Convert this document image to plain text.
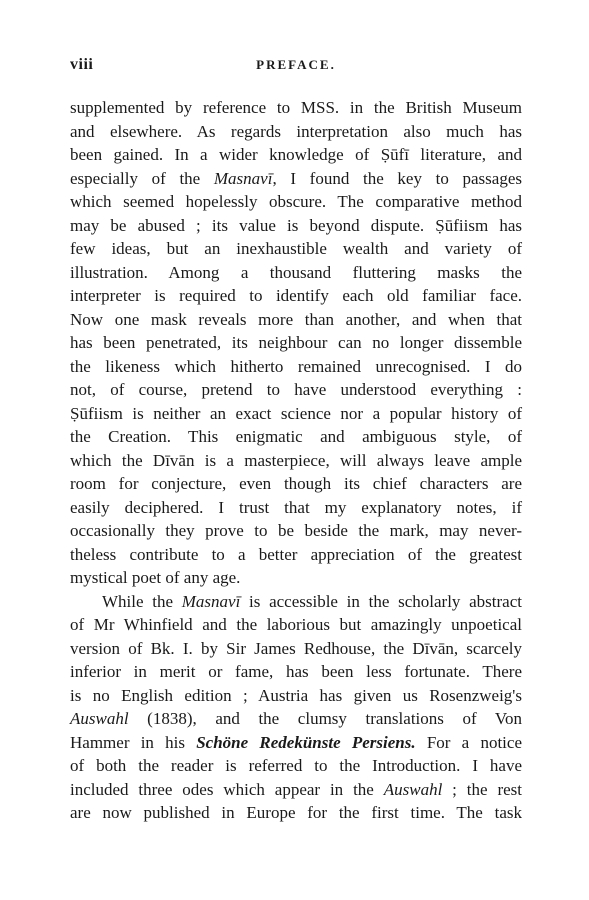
viii	PREFACE.
supplemented by reference to MSS. in the British Museum
and elsewhere. As regards interpretation also much has
been gained. In a wider knowledge of Ṣūfī literature, and
especially of the Masnavī, I found the key to passages
which seemed hopelessly obscure. The comparative method
may be abused ; its value is beyond dispute. Ṣūfiism has
few ideas, but an inexhaustible wealth and variety of
illustration. Among a thousand fluttering masks the
interpreter is required to identify each old familiar face.
Now one mask reveals more than another, and when that
has been penetrated, its neighbour can no longer dissemble
the likeness which hitherto remained unrecognised. I do
not, of course, pretend to have understood everything :
Ṣūfiism is neither an exact science nor a popular history of
the Creation. This enigmatic and ambiguous style, of
which the Dīvān is a masterpiece, will always leave ample
room for conjecture, even though its chief characters are
easily deciphered. I trust that my explanatory notes, if
occasionally they prove to be beside the mark, may never-
theless contribute to a better appreciation of the greatest
mystical poet of any age.
While the Masnavī is accessible in the scholarly abstract
of Mr Whinfield and the laborious but amazingly unpoetical
version of Bk. I. by Sir James Redhouse, the Dīvān, scarcely
inferior in merit or fame, has been less fortunate. There
is no English edition ; Austria has given us Rosenzweig's
Auswahl (1838), and the clumsy translations of Von
Hammer in his Schöne Redekünste Persiens. For a notice
of both the reader is referred to the Introduction. I have
included three odes which appear in the Auswahl ; the rest
are now published in Europe for the first time. The task
